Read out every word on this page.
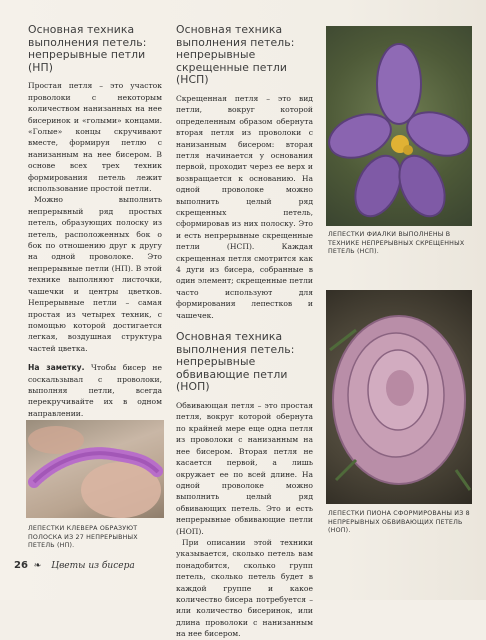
Основная техника выполнения петель: непрерывные петли (НП)

Простая петля – это участок проволоки с некоторым количеством нанизанных на нее бисеринок и «голыми» концами. «Голые» концы скручивают вместе, формируя петлю с нанизанным на нее бисером. В основе всех трех техник формирования петель лежит использование простой петли.

Можно выполнить непрерывный ряд простых петель, образующих полоску из петель, расположенных бок о бок по отношению друг к другу на одной проволоке. Это непрерывные петли (НП). В этой технике выполняют листочки, чашечки и центры цветков. Непрерывные петли – самая простая из четырех техник, с помощью которой достигается легкая, воздушная структура частей цветка.

На заметку. Чтобы бисер не соскальзывал с проволоки, выполняя петли, всегда перекручивайте их в одном направлении.

ЛЕПЕСТКИ КЛЕВЕРА ОБРАЗУЮТ ПОЛОСКА ИЗ 27 НЕПРЕРЫВНЫХ ПЕТЕЛЬ (НП).
Основная техника выполнения петель: непрерывные скрещенные петли (НСП)

Скрещенная петля – это вид петли, вокруг которой определенным образом обернута вторая петля из проволоки с нанизанным бисером: вторая петля начинается у основания первой, проходит через ее верх и возвращается к основанию. На одной проволоке можно выполнить целый ряд скрещенных петель, сформировав из них полоску. Это и есть непрерывные скрещенные петли (НСП). Каждая скрещенная петля смотрится как 4 дуги из бисера, собранные в один элемент; скрещенные петли часто используют для формирования лепестков и чашечек.

Основная техника выполнения петель: непрерывные обвивающие петли (НОП)

Обвивающая петля – это простая петля, вокруг которой обернута по крайней мере еще одна петля из проволоки с нанизанным на нее бисером. Вторая петля не касается первой, а лишь окружает ее по всей длине. На одной проволоке можно выполнить целый ряд обвивающих петель. Это и есть непрерывные обвивающие петли (НОП).

При описании этой техники указывается, сколько петель вам понадобится, сколько групп петель, сколько петель будет в каждой группе и какое количество бисера потребуется – или количество бисеринок, или длина проволоки с нанизанным на нее бисером.

ЛЕПЕСТКИ ФИАЛКИ ВЫПОЛНЕНЫ В ТЕХНИКЕ НЕПРЕРЫВНЫХ СКРЕЩЕННЫХ ПЕТЕЛЬ (НСП).
ЛЕПЕСТКИ ПИОНА СФОРМИРОВАНЫ ИЗ 8 НЕПРЕРЫВНЫХ ОБВИВАЮЩИХ ПЕТЕЛЬ (НОП).
26 ❧ Цветы из бисера
